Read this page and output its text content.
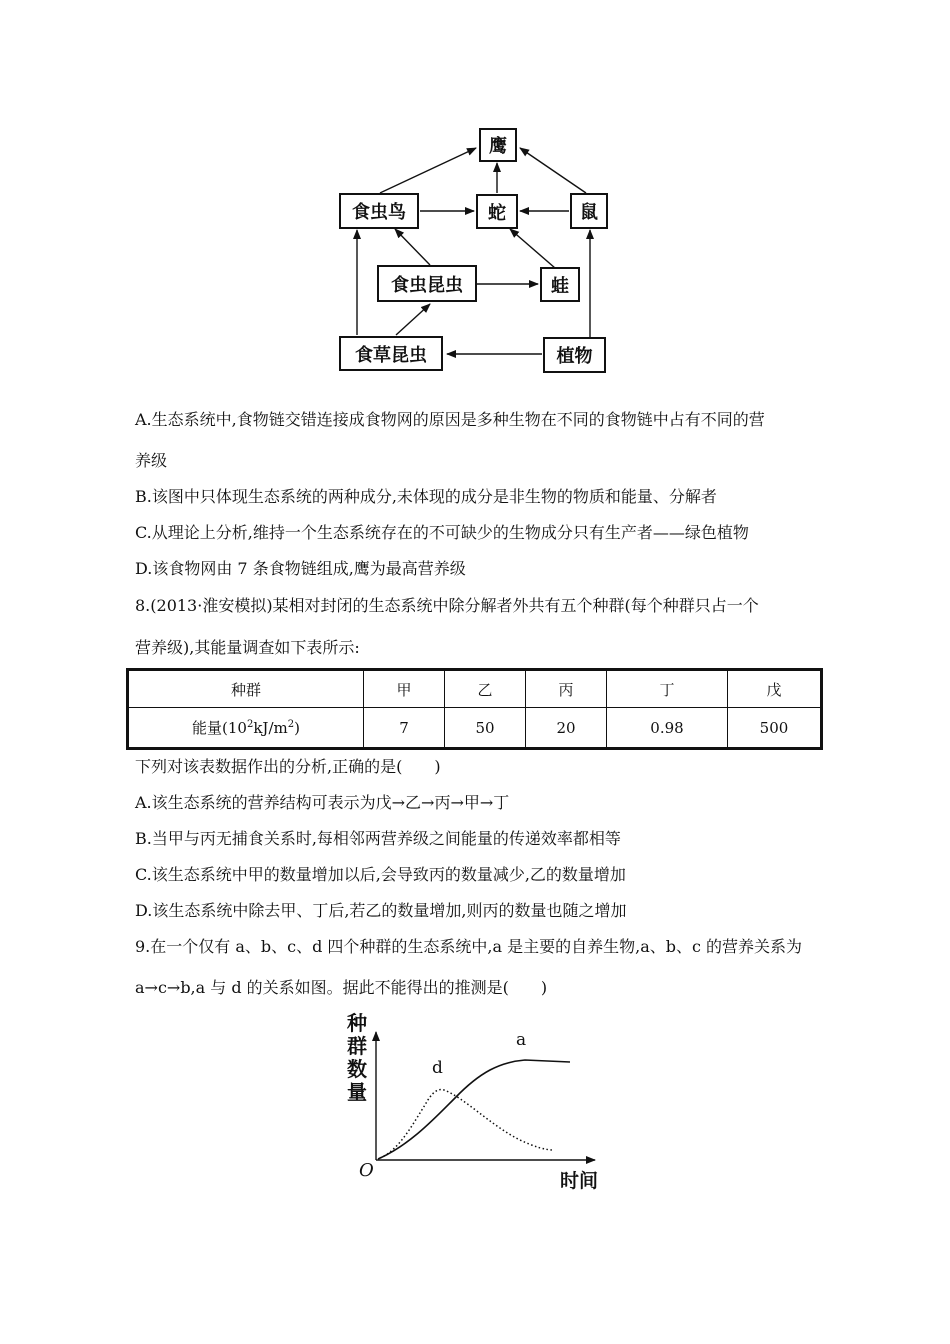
鹰
食虫鸟	蛇	鼠
食虫昆虫	蛙
食草昆虫	植物
A.生态系统中,食物链交错连接成食物网的原因是多种生物在不同的食物链中占有不同的营
养级
B.该图中只体现生态系统的两种成分,未体现的成分是非生物的物质和能量、分解者
C.从理论上分析,维持一个生态系统存在的不可缺少的生物成分只有生产者——绿色植物
D.该食物网由 7 条食物链组成,鹰为最高营养级
8.(2013·淮安模拟)某相对封闭的生态系统中除分解者外共有五个种群(每个种群只占一个
营养级),其能量调查如下表所示:
种群	甲	乙	丙	丁	戊
能量$(10^2kJ/m^2)$	7	50	20	0.98	500
下列对该表数据作出的分析,正确的是(　　)
A.该生态系统的营养结构可表示为戊→乙→丙→甲→丁
B.当甲与丙无捕食关系时,每相邻两营养级之间能量的传递效率都相等
C.该生态系统中甲的数量增加以后,会导致丙的数量减少,乙的数量增加
D.该生态系统中除去甲、丁后,若乙的数量增加,则丙的数量也随之增加
9.在一个仅有 a、b、c、d 四个种群的生态系统中,a 是主要的自养生物,a、b、c 的营养关系为
a→c→b,a 与 d 的关系如图。据此不能得出的推测是(　　)
种群数量
时间
O
a
d
